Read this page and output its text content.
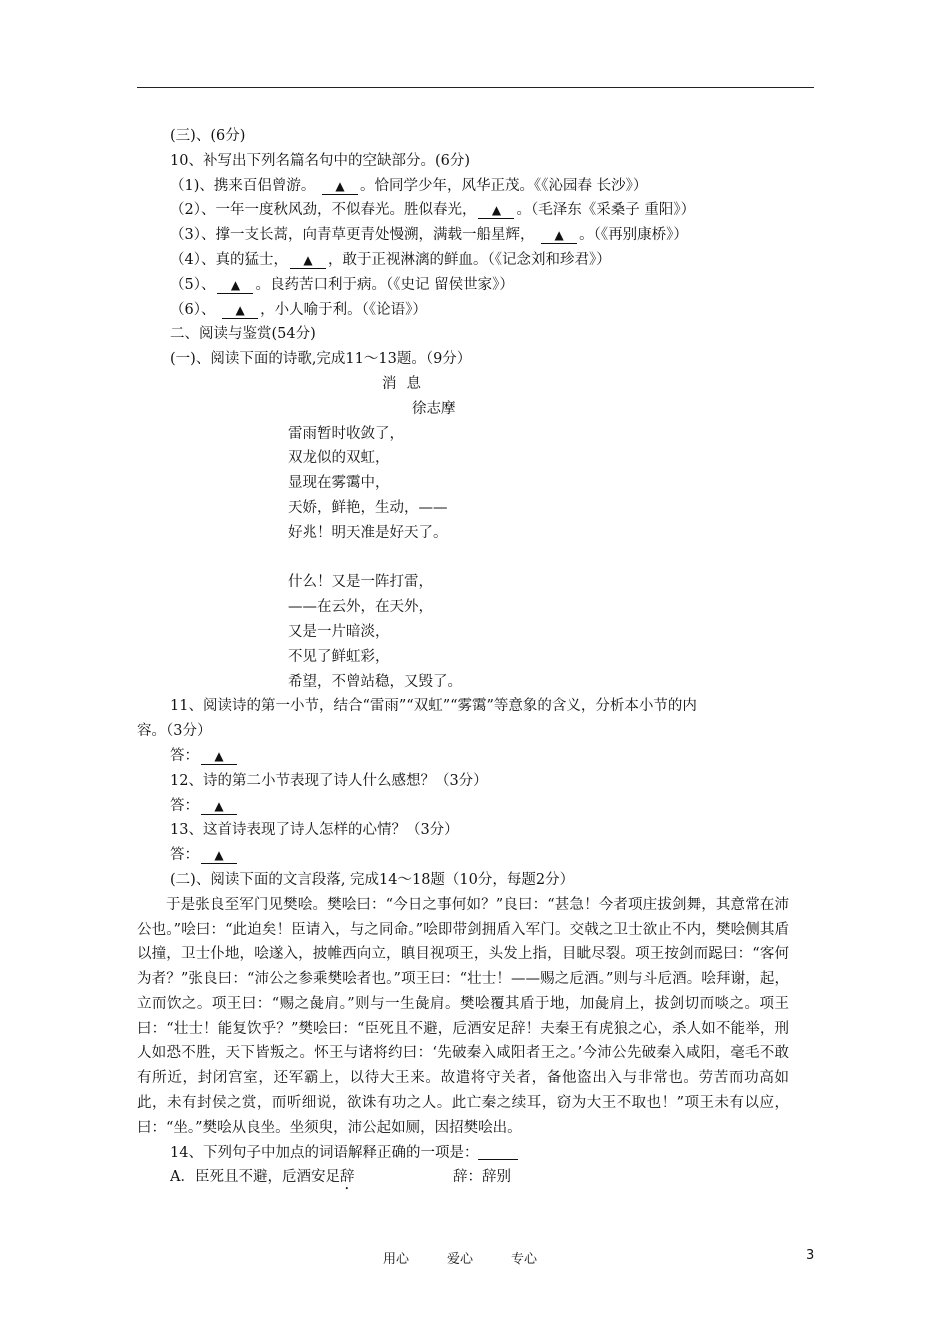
(三)、(6分)
10、补写出下列名篇名句中的空缺部分。(6分)
（1)、携来百侣曾游。 ▲ 。恰同学少年，风华正茂。《《沁园春 长沙》）
（2）、一年一度秋风劲，不似春光。胜似春光， ▲ 。（毛泽东《采桑子 重阳》）
（3）、撑一支长蒿，向青草更青处慢溯，满载一船星辉， ▲ 。（《再别康桥》）
（4）、真的猛士， ▲ ，敢于正视淋漓的鲜血。（《记念刘和珍君》）
（5）、 ▲ 。良药苦口利于病。（《史记 留侯世家》）
（6）、 ▲ ，小人喻于利。（《论语》）
二、阅读与鉴赏(54分)
(一)、阅读下面的诗歌,完成11～13题。（9分）
消息
徐志摩
雷雨暂时收敛了，
双龙似的双虹，
显现在雾霭中，
天娇，鲜艳，生动，——
好兆！明天准是好天了。
什么！又是一阵打雷，
——在云外，在天外，
又是一片暗淡，
不见了鲜虹彩，
希望，不曾站稳，又毁了。
11、阅读诗的第一小节，结合“雷雨”“双虹”“雾霭”等意象的含义，分析本小节的内
容。（3分）
答： ▲
12、诗的第二小节表现了诗人什么感想？（3分）
答： ▲
13、这首诗表现了诗人怎样的心情？（3分）
答： ▲
(二)、阅读下面的文言段落, 完成14～18题（10分，每题2分）
于是张良至军门见樊哙。樊哙曰：“今日之事何如？”良曰：“甚急！今者项庄拔剑舞，其意常在沛公也。”哙曰：“此迫矣！臣请入，与之同命。”哙即带剑拥盾入军门。交戟之卫士欲止不内，樊哙侧其盾以撞，卫士仆地，哙遂入，披帷西向立，瞋目视项王，头发上指，目眦尽裂。项王按剑而跽曰：“客何为者？”张良曰：“沛公之参乘樊哙者也。”项王曰：“壮士！——赐之卮酒。”则与斗卮酒。哙拜谢，起，立而饮之。项王曰：“赐之彘肩。”则与一生彘肩。樊哙覆其盾于地，加彘肩上，拔剑切而啖之。项王曰：“壮士！能复饮乎？”樊哙曰：“臣死且不避，卮酒安足辞！夫秦王有虎狼之心，杀人如不能举，刑人如恐不胜，天下皆叛之。怀王与诸将约曰：‘先破秦入咸阳者王之。’今沛公先破秦入咸阳，毫毛不敢有所近，封闭宫室，还军霸上，以待大王来。故遣将守关者，备他盗出入与非常也。劳苦而功高如此，未有封侯之赏，而听细说，欲诛有功之人。此亡秦之续耳，窃为大王不取也！”项王未有以应，曰：“坐。”樊哙从良坐。坐须臾，沛公起如厕，因招樊哙出。
14、下列句子中加点的词语解释正确的一项是：
A．臣死且不避，卮酒安足辞	辞：辞别
用心	爱心	专心	3
